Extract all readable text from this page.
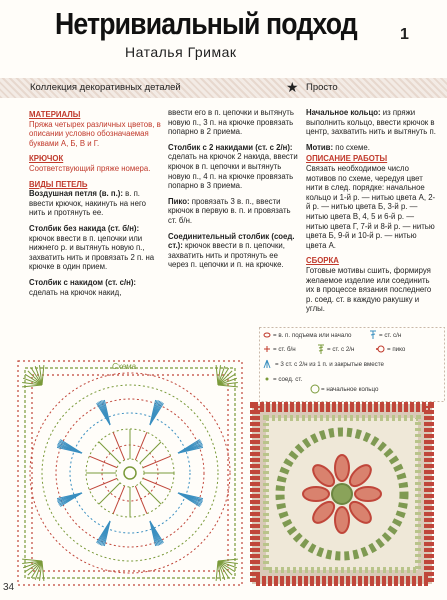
Нетривиальный подход	1
Наталья Гримак
Коллекция декоративных деталей	★ Просто
МАТЕРИАЛЫ

Пряжа четырех различных цветов, в описании условно обозначаемая буквами А, Б, В и Г.

КРЮЧОК

Соответствующий пряже номера.

ВИДЫ ПЕТЕЛЬ

Воздушная петля (в. п.): в. п. ввести крючок, накинуть на него нить и протянуть ее.

Столбик без накида (ст. б/н): крючок ввести в п. цепочки или нижнего р. и вытянуть новую п., захватить нить и провязать 2 п. на крючке в один прием.

Столбик с накидом (ст. с/н): сделать на крючок накид,

ввести его в п. цепочки и вытянуть новую п., 3 п. на крючке провязать попарно в 2 приема.

Столбик с 2 накидами (ст. с 2/н): сделать на крючок 2 накида, ввести крючок в п. цепочки и вытянуть новую п., 4 п. на крючке провязать попарно в 3 приема.

Пико: провязать 3 в. п., ввести крючок в первую в. п. и провязать ст. б/н.

Соединительный столбик (соед. ст.): крючок ввести в п. цепочки, захватить нить и протянуть ее через п. цепочки и п. на крючке.

Начальное кольцо: из пряжи выполнить кольцо, ввести крючок в центр, захватить нить и вытянуть п.

Мотив: по схеме.

ОПИСАНИЕ РАБОТЫ

Связать необходимое число мотивов по схеме, чередуя цвет нити в след. порядке: начальное кольцо и 1-й р. — нитью цвета А, 2-й р. — нитью цвета Б, 3-й р. — нитью цвета В, 4, 5 и 6-й р. — нитью цвета Г, 7-й и 8-й р. — нитью цвета Б, 9-й и 10-й р. — нитью цвета А.

СБОРКА

Готовые мотивы сшить, формируя желаемое изделие или соединить их в процессе вязания последнего р. соед. ст. в каждую ракушку и углы.

= в. п. подъема или начало	= ст. с/н
= ст. б/н	= ст. с 2/н	= пико
= 3 ст. с 2/н из 1 п. и закрытые вместе
= соед. ст.
= начальное кольцо
Схема
34
